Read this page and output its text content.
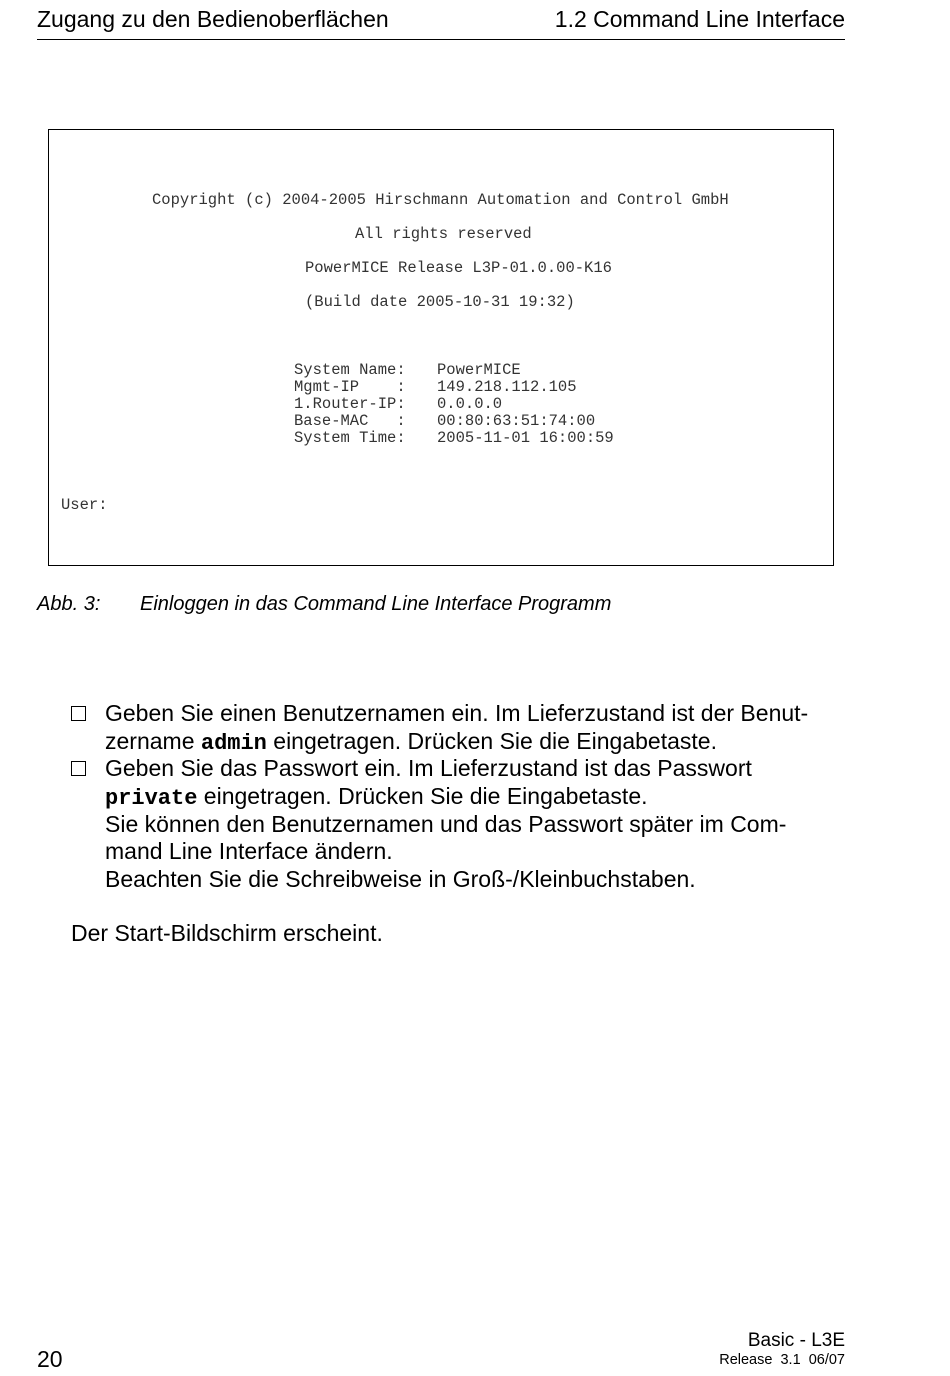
Zugang zu den Bedienoberflächen	1.2 Command Line Interface
Copyright (c) 2004-2005 Hirschmann Automation and Control GmbH
All rights reserved
PowerMICE Release L3P-01.0.00-K16
(Build date 2005-10-31 19:32)
System Name: PowerMICE
Mgmt-IP    : 149.218.112.105
1.Router-IP: 0.0.0.0
Base-MAC   : 00:80:63:51:74:00
System Time: 2005-11-01 16:00:59
User:
Abb. 3: Einloggen in das Command Line Interface Programm
Geben Sie einen Benutzernamen ein. Im Lieferzustand ist der Benut-
zername admin eingetragen. Drücken Sie die Eingabetaste.
Geben Sie das Passwort ein. Im Lieferzustand ist das Passwort
private eingetragen. Drücken Sie die Eingabetaste.
Sie können den Benutzernamen und das Passwort später im Com-
mand Line Interface ändern.
Beachten Sie die Schreibweise in Groß-/Kleinbuchstaben.
Der Start-Bildschirm erscheint.
20
Basic - L3E
Release  3.1  06/07
